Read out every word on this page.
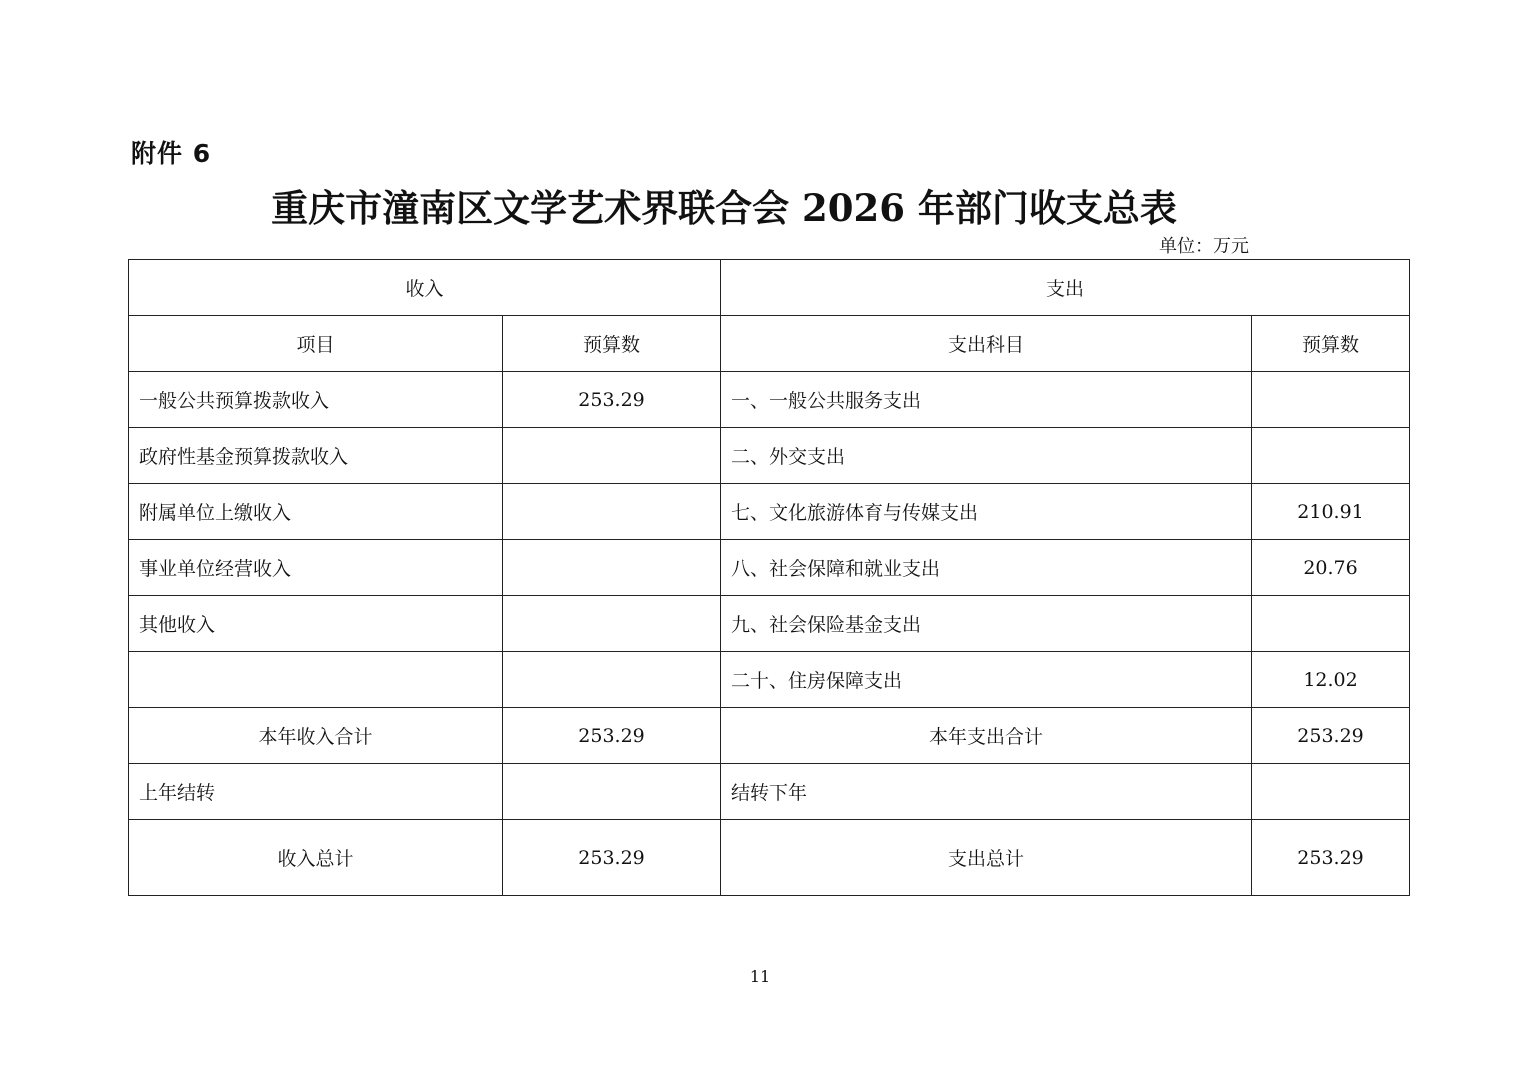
附件 6
重庆市潼南区文学艺术界联合会 2026 年部门收支总表
单位：万元
收入		支出	
项目	预算数	支出科目	预算数
一般公共预算拨款收入	253.29	一、一般公共服务支出	
政府性基金预算拨款收入		二、外交支出	
附属单位上缴收入		七、文化旅游体育与传媒支出	210.91
事业单位经营收入		八、社会保障和就业支出	20.76
其他收入		九、社会保险基金支出	
		二十、住房保障支出	12.02
本年收入合计	253.29	本年支出合计	253.29
上年结转		结转下年	
收入总计	253.29	支出总计	253.29
11
